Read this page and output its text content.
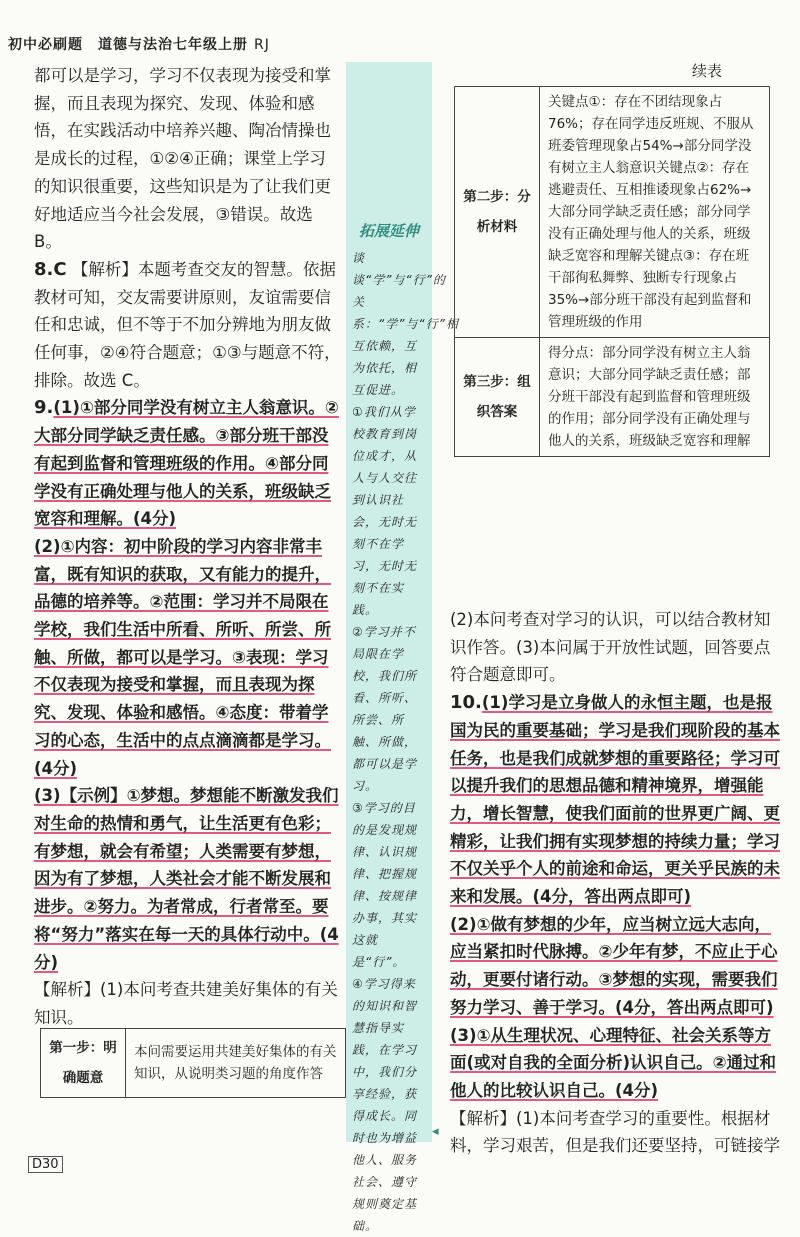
初中必刷题　道德与法治七年级上册 RJ
续表

都可以是学习，学习不仅表现为接受和掌握，而且表现为探究、发现、体验和感悟，在实践活动中培养兴趣、陶冶情操也是成长的过程，①②④正确；课堂上学习的知识很重要，这些知识是为了让我们更好地适应当今社会发展，③错误。故选 B。

8.C 【解析】本题考查交友的智慧。依据教材可知，交友需要讲原则，友谊需要信任和忠诚，但不等于不加分辨地为朋友做任何事，②④符合题意；①③与题意不符，排除。故选 C。

9.(1)①部分同学没有树立主人翁意识。②大部分同学缺乏责任感。③部分班干部没有起到监督和管理班级的作用。④部分同学没有正确处理与他人的关系，班级缺乏宽容和理解。(4分)

(2)①内容：初中阶段的学习内容非常丰富，既有知识的获取，又有能力的提升，品德的培养等。②范围：学习并不局限在学校，我们生活中所看、所听、所尝、所触、所做，都可以是学习。③表现：学习不仅表现为接受和掌握，而且表现为探究、发现、体验和感悟。④态度：带着学习的心态，生活中的点点滴滴都是学习。(4分)

(3)【示例】①梦想。梦想能不断激发我们对生命的热情和勇气，让生活更有色彩；有梦想，就会有希望；人类需要有梦想，因为有了梦想，人类社会才能不断发展和进步。②努力。为者常成，行者常至。要将“努力”落实在每一天的具体行动中。(4分)

【解析】(1)本问考查共建美好集体的有关知识。

第一步：明确题意	本问需要运用共建美好集体的有关知识，从说明类习题的角度作答
拓展延伸

谈谈“学”与“行”的关系：“学”与“行”相互依赖，互为依托，相互促进。

①我们从学校教育到岗位成才，从人与人交往到认识社会，无时无刻不在学习，无时无刻不在实践。

②学习并不局限在学校，我们所看、所听、所尝、所触、所做，都可以是学习。

③学习的目的是发现规律、认识规律、把握规律、按规律办事，其实这就是“行”。

④学习得来的知识和智慧指导实践，在学习中，我们分享经验，获得成长。同时也为增益他人、服务社会、遵守规则奠定基础。

◂
第二步：分析材料	关键点①：存在不团结现象占76%；存在同学违反班规、不服从班委管理现象占54%→部分同学没有树立主人翁意识关键点②：存在逃避责任、互相推诿现象占62%→大部分同学缺乏责任感；部分同学没有正确处理与他人的关系，班级缺乏宽容和理解关键点③：存在班干部徇私舞弊、独断专行现象占35%→部分班干部没有起到监督和管理班级的作用
第三步：组织答案	得分点：部分同学没有树立主人翁意识；大部分同学缺乏责任感；部分班干部没有起到监督和管理班级的作用；部分同学没有正确处理与他人的关系，班级缺乏宽容和理解

(2)本问考查对学习的认识，可以结合教材知识作答。(3)本问属于开放性试题，回答要点符合题意即可。

10.(1)学习是立身做人的永恒主题，也是报国为民的重要基础；学习是我们现阶段的基本任务，也是我们成就梦想的重要路径；学习可以提升我们的思想品德和精神境界，增强能力，增长智慧，使我们面前的世界更广阔、更精彩，让我们拥有实现梦想的持续力量；学习不仅关乎个人的前途和命运，更关乎民族的未来和发展。(4分，答出两点即可)

(2)①做有梦想的少年，应当树立远大志向，应当紧扣时代脉搏。②少年有梦，不应止于心动，更要付诸行动。③梦想的实现，需要我们努力学习、善于学习。(4分，答出两点即可)

(3)①从生理状况、心理特征、社会关系等方面(或对自我的全面分析)认识自己。②通过和他人的比较认识自己。(4分)

【解析】(1)本问考查学习的重要性。根据材料，学习艰苦，但是我们还要坚持，可链接学

D30
